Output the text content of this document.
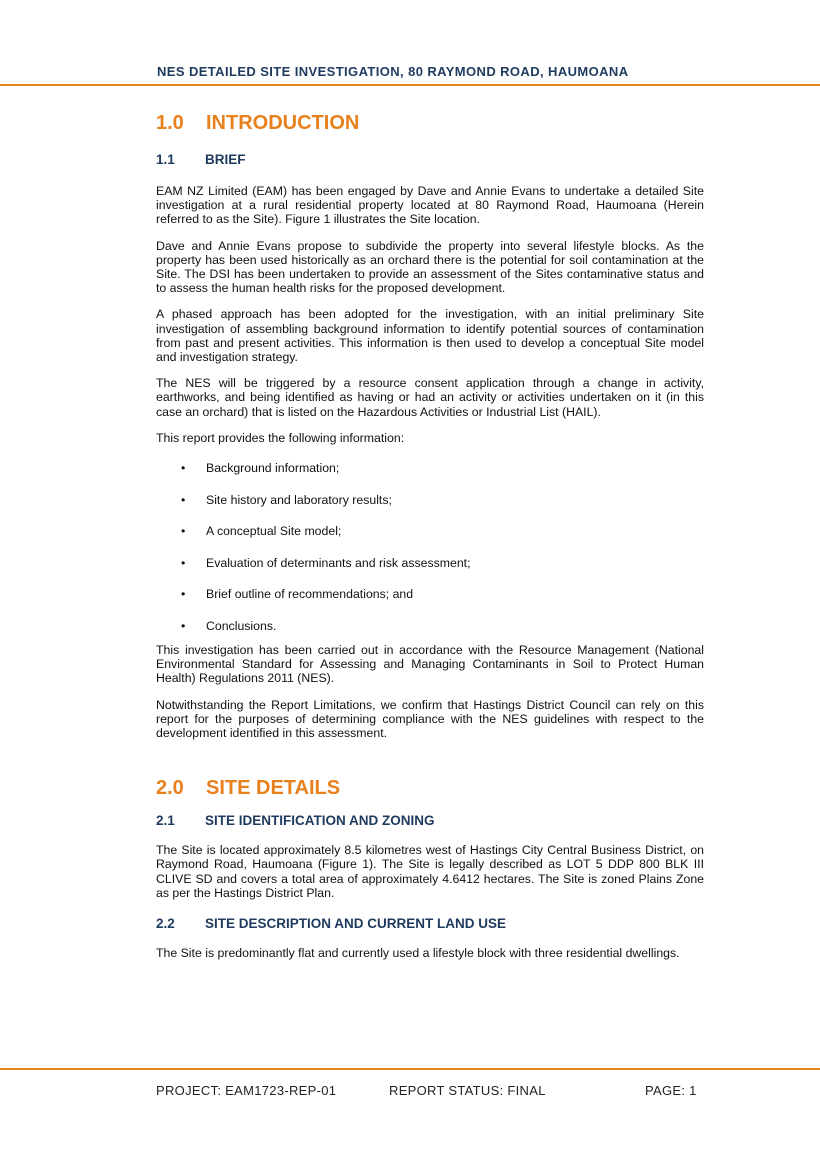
NES DETAILED SITE INVESTIGATION, 80 RAYMOND ROAD, HAUMOANA
1.0	INTRODUCTION
1.1	BRIEF

EAM NZ Limited (EAM) has been engaged by Dave and Annie Evans to undertake a detailed Site investigation at a rural residential property located at 80 Raymond Road, Haumoana (Herein referred to as the Site). Figure 1 illustrates the Site location.

Dave and Annie Evans propose to subdivide the property into several lifestyle blocks. As the property has been used historically as an orchard there is the potential for soil contamination at the Site. The DSI has been undertaken to provide an assessment of the Sites contaminative status and to assess the human health risks for the proposed development.

A phased approach has been adopted for the investigation, with an initial preliminary Site investigation of assembling background information to identify potential sources of contamination from past and present activities. This information is then used to develop a conceptual Site model and investigation strategy.

The NES will be triggered by a resource consent application through a change in activity, earthworks, and being identified as having or had an activity or activities undertaken on it (in this case an orchard) that is listed on the Hazardous Activities or Industrial List (HAIL).

This report provides the following information:

•	Background information;
•	Site history and laboratory results;
•	A conceptual Site model;
•	Evaluation of determinants and risk assessment;
•	Brief outline of recommendations; and
•	Conclusions.

This investigation has been carried out in accordance with the Resource Management (National Environmental Standard for Assessing and Managing Contaminants in Soil to Protect Human Health) Regulations 2011 (NES).

Notwithstanding the Report Limitations, we confirm that Hastings District Council can rely on this report for the purposes of determining compliance with the NES guidelines with respect to the development identified in this assessment.

2.0	SITE DETAILS
2.1	SITE IDENTIFICATION AND ZONING

The Site is located approximately 8.5 kilometres west of Hastings City Central Business District, on Raymond Road, Haumoana (Figure 1). The Site is legally described as LOT 5 DDP 800 BLK III CLIVE SD and covers a total area of approximately 4.6412 hectares. The Site is zoned Plains Zone as per the Hastings District Plan.

2.2	SITE DESCRIPTION AND CURRENT LAND USE

The Site is predominantly flat and currently used a lifestyle block with three residential dwellings.

PROJECT: EAM1723-REP-01	REPORT STATUS: FINAL	PAGE: 1
